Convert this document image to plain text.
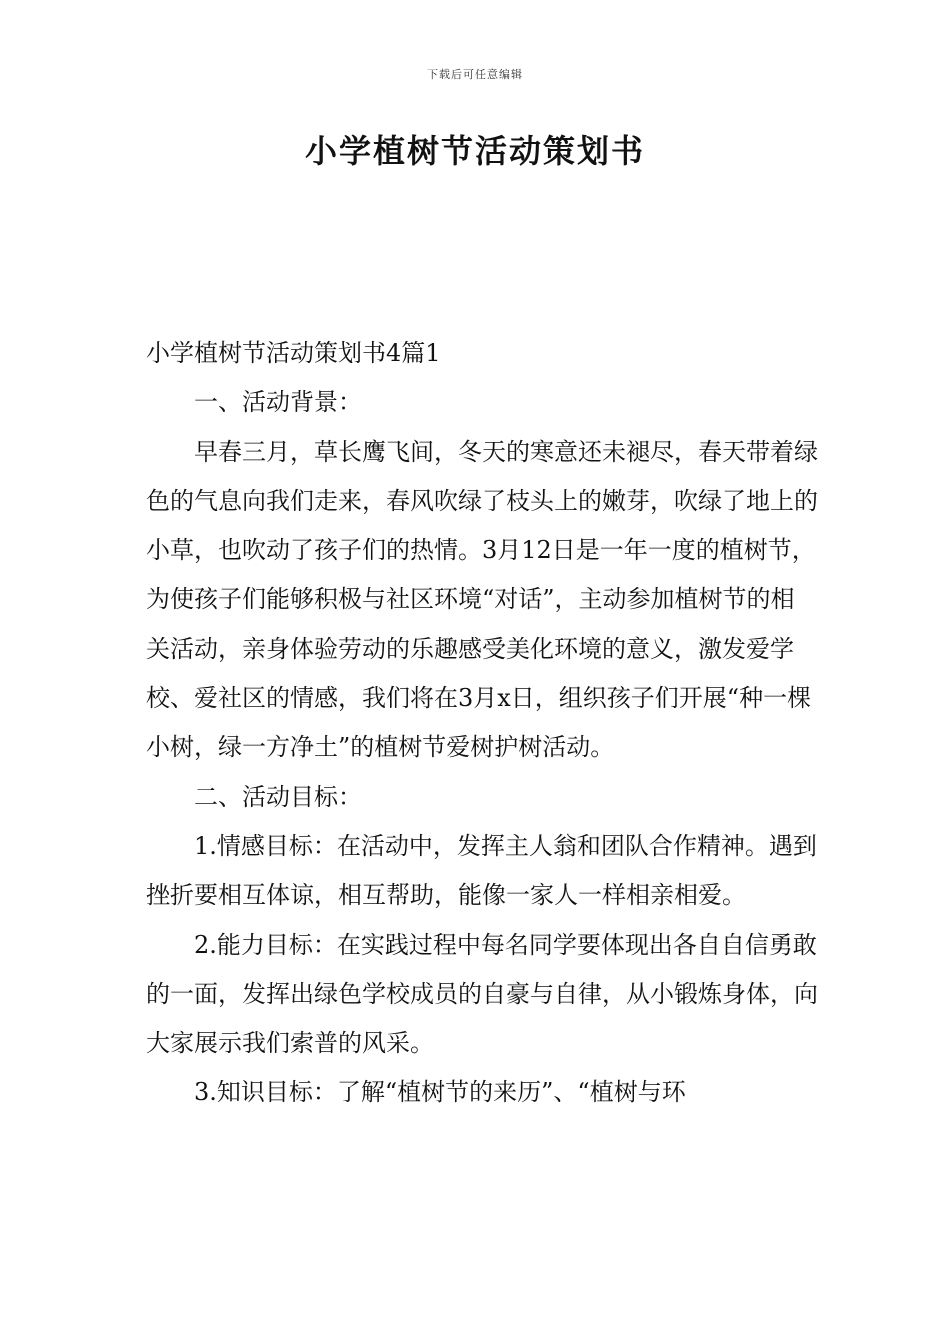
下载后可任意编辑
小学植树节活动策划书

小学植树节活动策划书4篇1

一、活动背景：

早春三月，草长鹰飞间，冬天的寒意还未褪尽，春天带着绿色的气息向我们走来，春风吹绿了枝头上的嫩芽，吹绿了地上的小草，也吹动了孩子们的热情。3月12日是一年一度的植树节，为使孩子们能够积极与社区环境“对话”，主动参加植树节的相关活动，亲身体验劳动的乐趣感受美化环境的意义，激发爱学校、爱社区的情感，我们将在3月x日，组织孩子们开展“种一棵小树，绿一方净土”的植树节爱树护树活动。

二、活动目标：

1.情感目标：在活动中，发挥主人翁和团队合作精神。遇到挫折要相互体谅，相互帮助，能像一家人一样相亲相爱。

2.能力目标：在实践过程中每名同学要体现出各自自信勇敢的一面，发挥出绿色学校成员的自豪与自律，从小锻炼身体，向大家展示我们索普的风采。

3.知识目标：了解“植树节的来历”、“植树与环
